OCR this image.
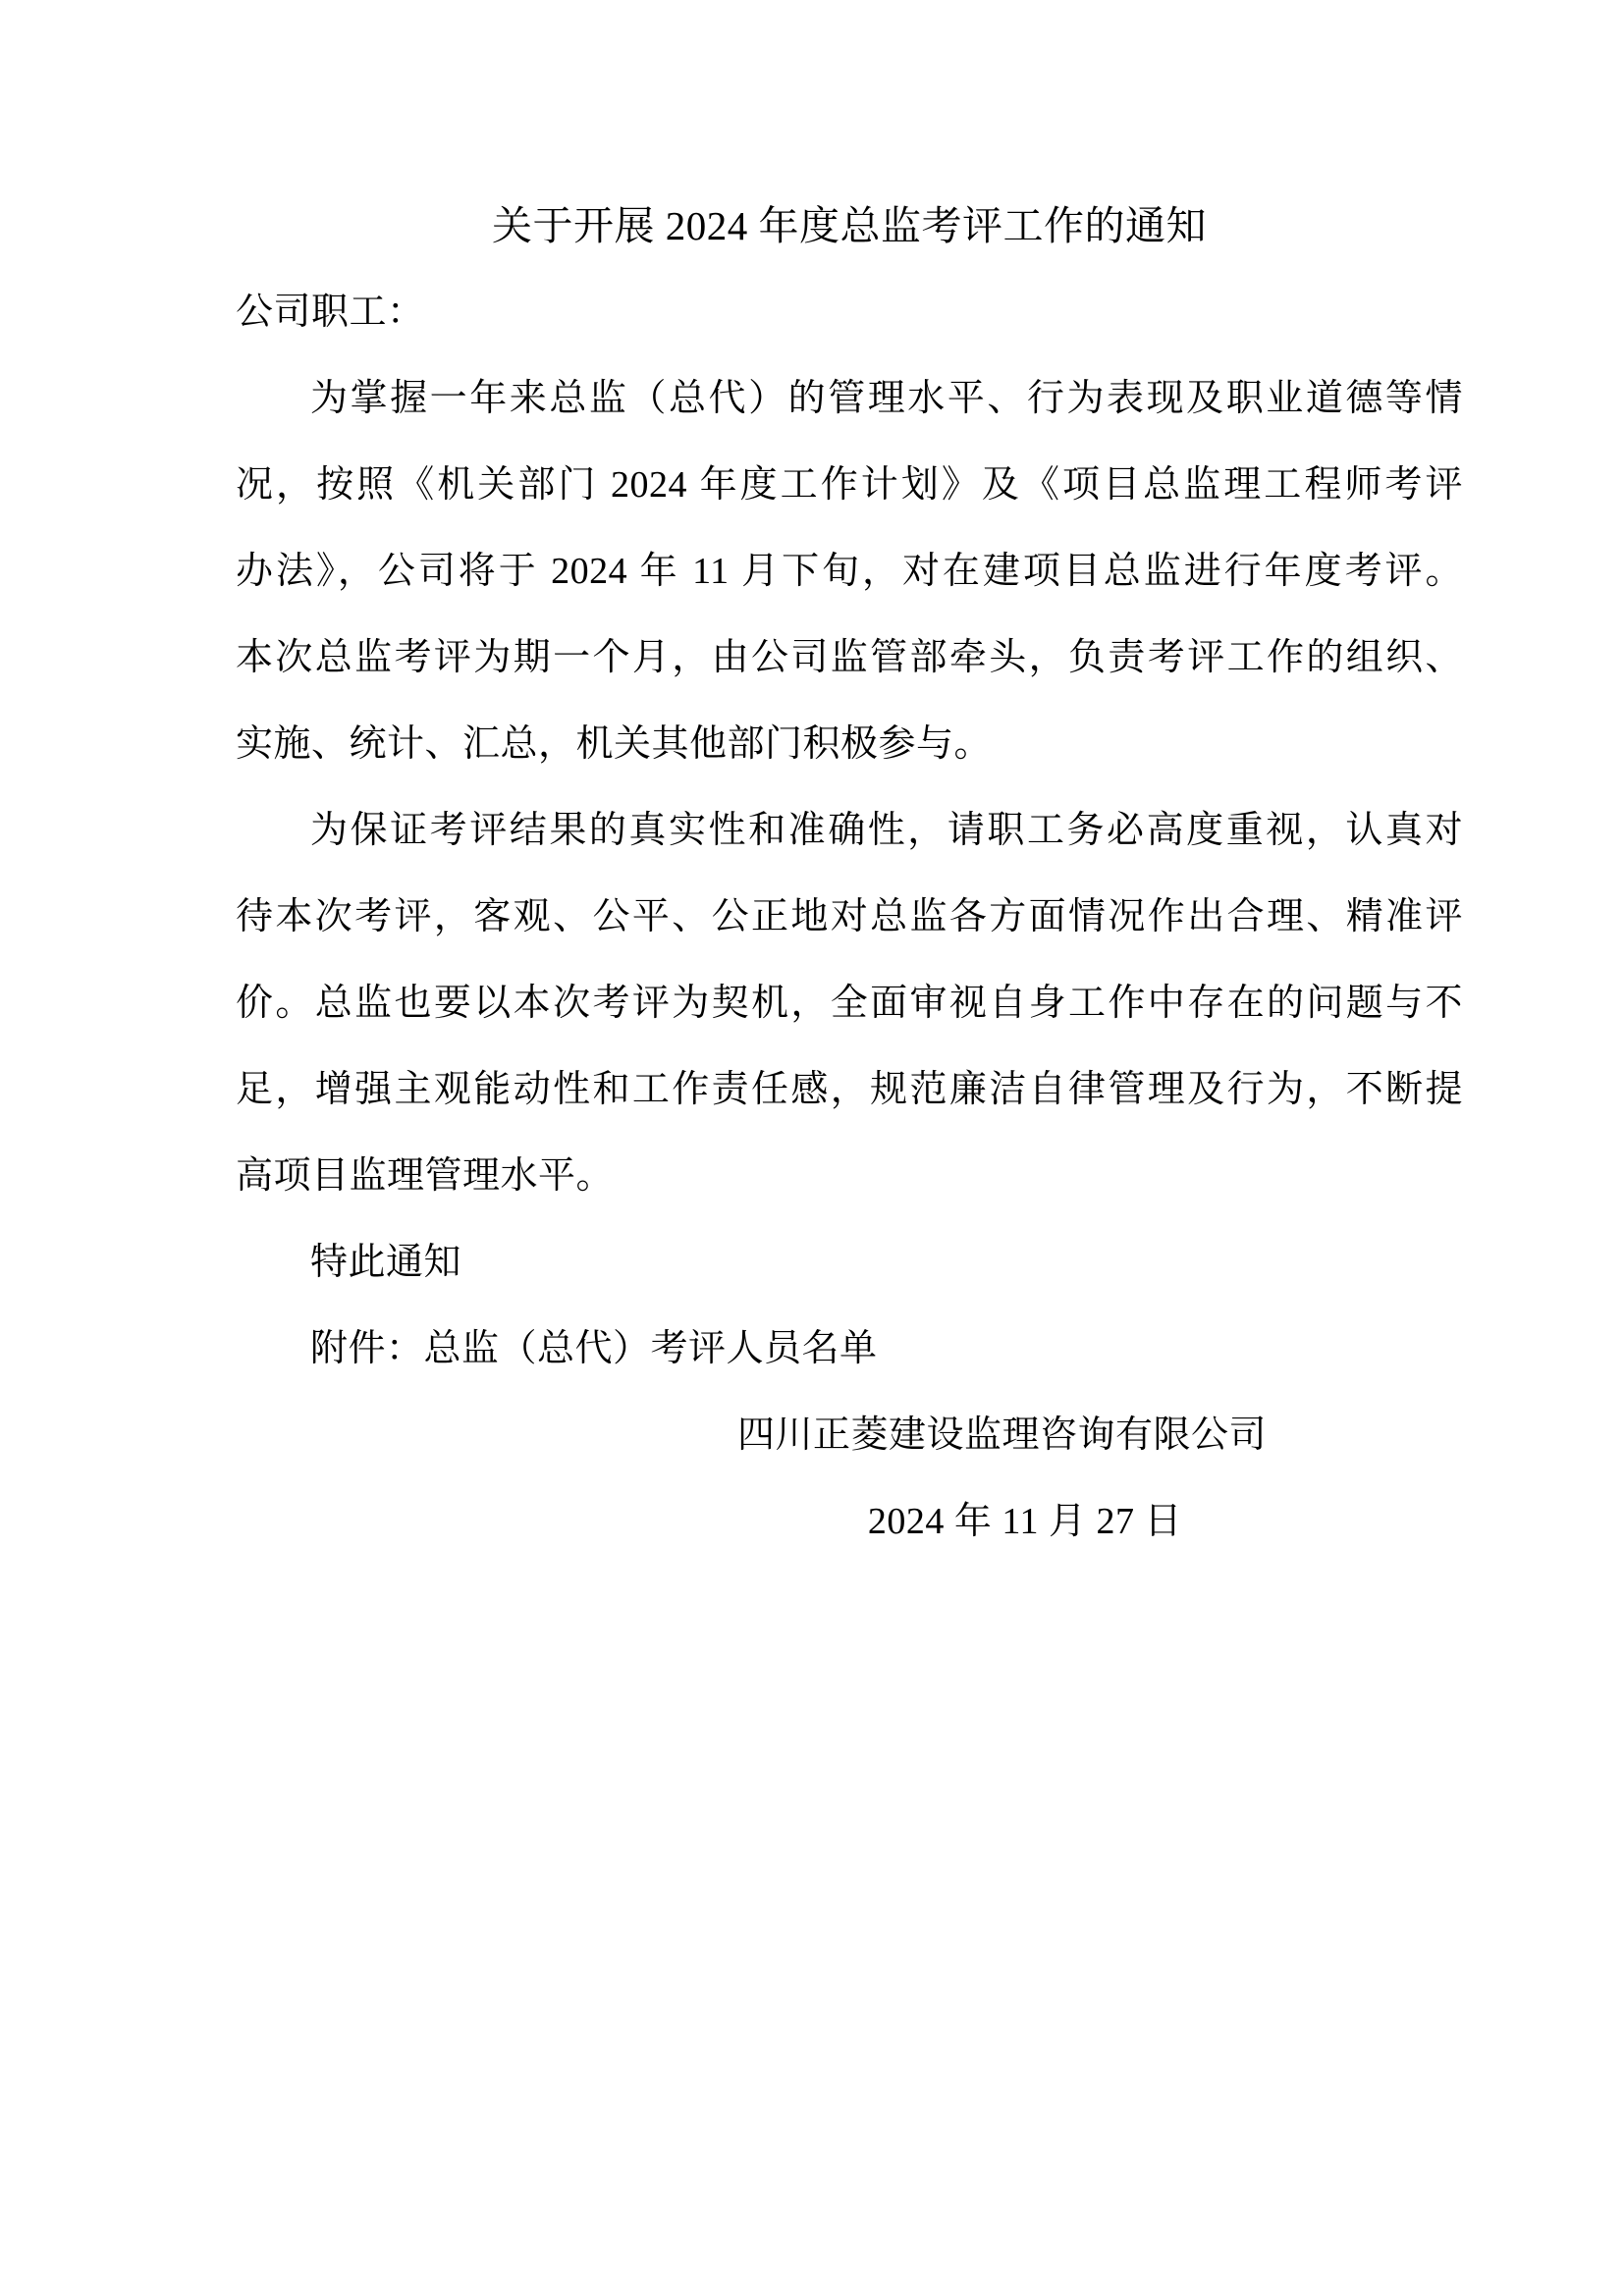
关于开展 2024 年度总监考评工作的通知
公司职工：
为掌握一年来总监（总代）的管理水平、行为表现及职业道德等情
况，按照《机关部门 2024 年度工作计划》及《项目总监理工程师考评
办法》，公司将于 2024 年 11 月下旬，对在建项目总监进行年度考评。
本次总监考评为期一个月，由公司监管部牵头，负责考评工作的组织、
实施、统计、汇总，机关其他部门积极参与。
为保证考评结果的真实性和准确性，请职工务必高度重视，认真对
待本次考评，客观、公平、公正地对总监各方面情况作出合理、精准评
价。总监也要以本次考评为契机，全面审视自身工作中存在的问题与不
足，增强主观能动性和工作责任感，规范廉洁自律管理及行为，不断提
高项目监理管理水平。
特此通知
附件：总监（总代）考评人员名单
四川正菱建设监理咨询有限公司
2024 年 11 月 27 日
